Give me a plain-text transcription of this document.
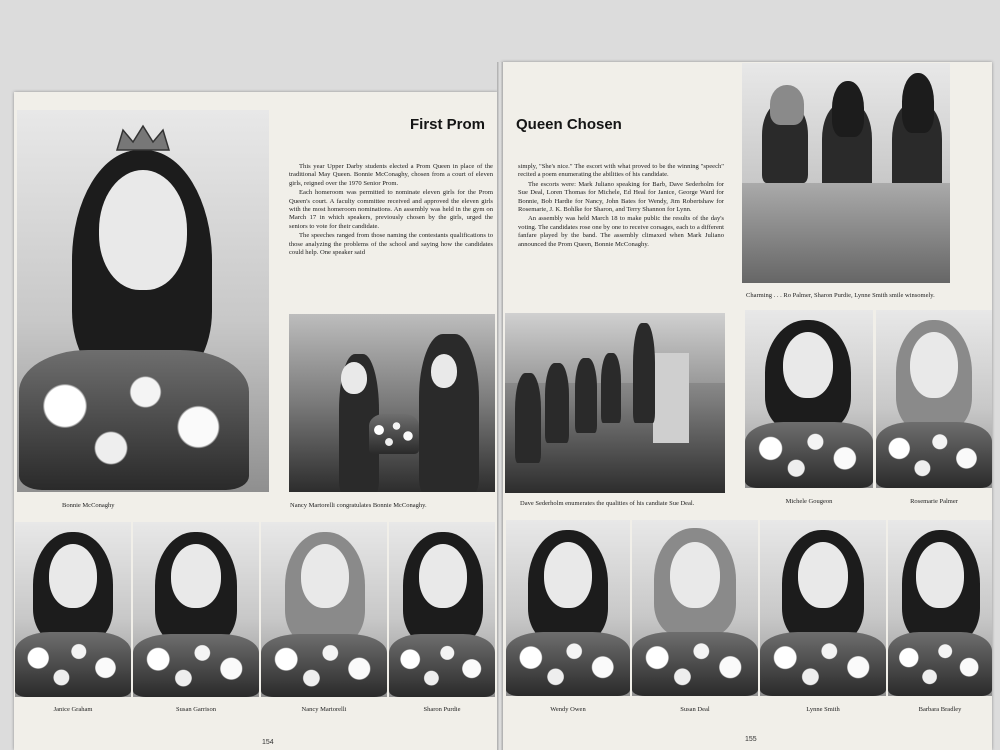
Bonnie McConaghy
First Prom

This year Upper Darby students elected a Prom Queen in place of the traditional May Queen. Bonnie McConaghy, chosen from a court of eleven girls, reigned over the 1970 Senior Prom.

Each homeroom was permitted to nominate eleven girls for the Prom Queen's court. A faculty committee received and approved the eleven girls with the most homeroom nominations. An assembly was held in the gym on March 17 in which speakers, previously chosen by the girls, urged the seniors to vote for their candidate.

The speeches ranged from those naming the contestants qualifications to those analyzing the problems of the school and saying how the candidates could help. One speaker said

Nancy Martorelli congratulates Bonnie McConaghy.
Janice Graham	Susan Garrison	Nancy Martorelli	Sharon Purdie
154
Queen Chosen

simply, "She's nice." The escort with what proved to be the winning "speech" recited a poem enumerating the abilities of his candidate.

The escorts were: Mark Juliano speaking for Barb, Dave Sederholm for Sue Deal, Loren Thomas for Michele, Ed Heal for Janice, George Ward for Bonnie, Bob Hardie for Nancy, John Bates for Wendy, Jim Robertshaw for Rosemarie, J. K. Bohlke for Sharon, and Terry Shannon for Lynn.

An assembly was held March 18 to make public the results of the day's voting. The candidates rose one by one to receive corsages, each to a different fanfare played by the band. The assembly climaxed when Mark Juliano announced the Prom Queen, Bonnie McConaghy.

Charming . . . Ro Palmer, Sharon Purdie, Lynne Smith smile winsomely.
Dave Sederholm enumerates the qualities of his candiate Sue Deal.	Michele Gougeon	Rosemarie Palmer
Wendy Owen	Susan Deal	Lynne Smith	Barbara Bradley
155
